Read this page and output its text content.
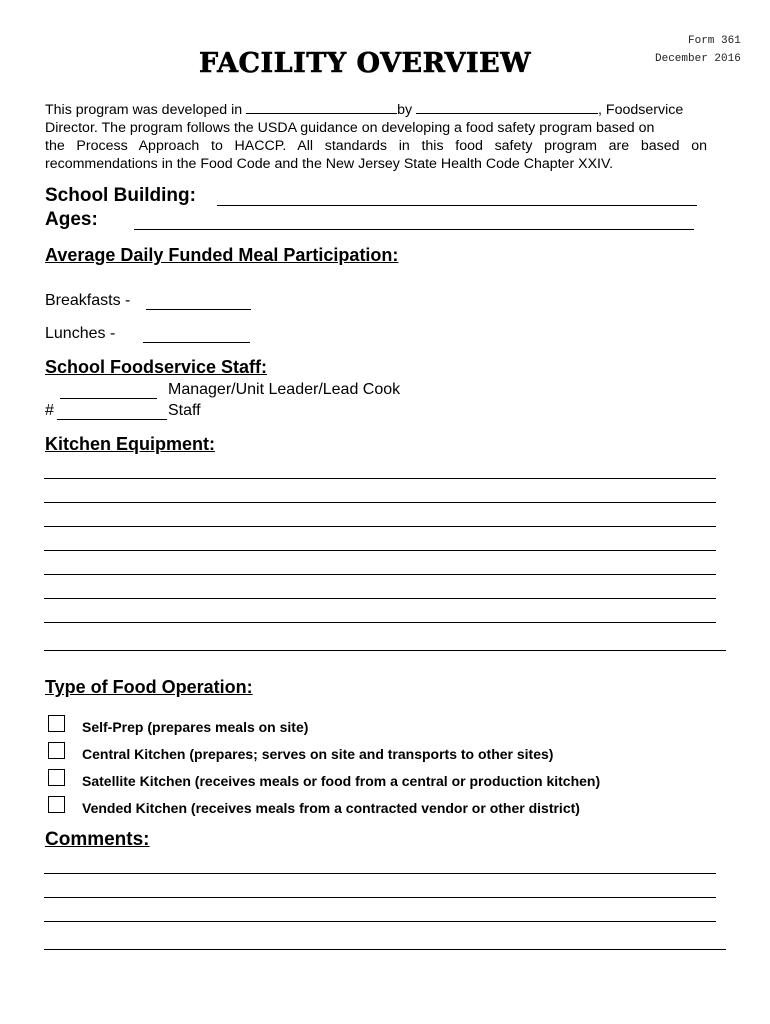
Form 361
December 2016
FACILITY OVERVIEW
This program was developed in	by	, Foodservice
Director. The program follows the USDA guidance on developing a food safety program based on
the Process Approach to HACCP. All standards in this food safety program are based on
recommendations in the Food Code and the New Jersey State Health Code Chapter XXIV.
School Building:
Ages:
Average Daily Funded Meal Participation:
Breakfasts -
Lunches -
School Foodservice Staff:
Manager/Unit Leader/Lead Cook
#	Staff
Kitchen Equipment:
Type of Food Operation:
Self-Prep (prepares meals on site)
Central Kitchen (prepares; serves on site and transports to other sites)
Satellite Kitchen (receives meals or food from a central or production kitchen)
Vended Kitchen (receives meals from a contracted vendor or other district)
Comments:
